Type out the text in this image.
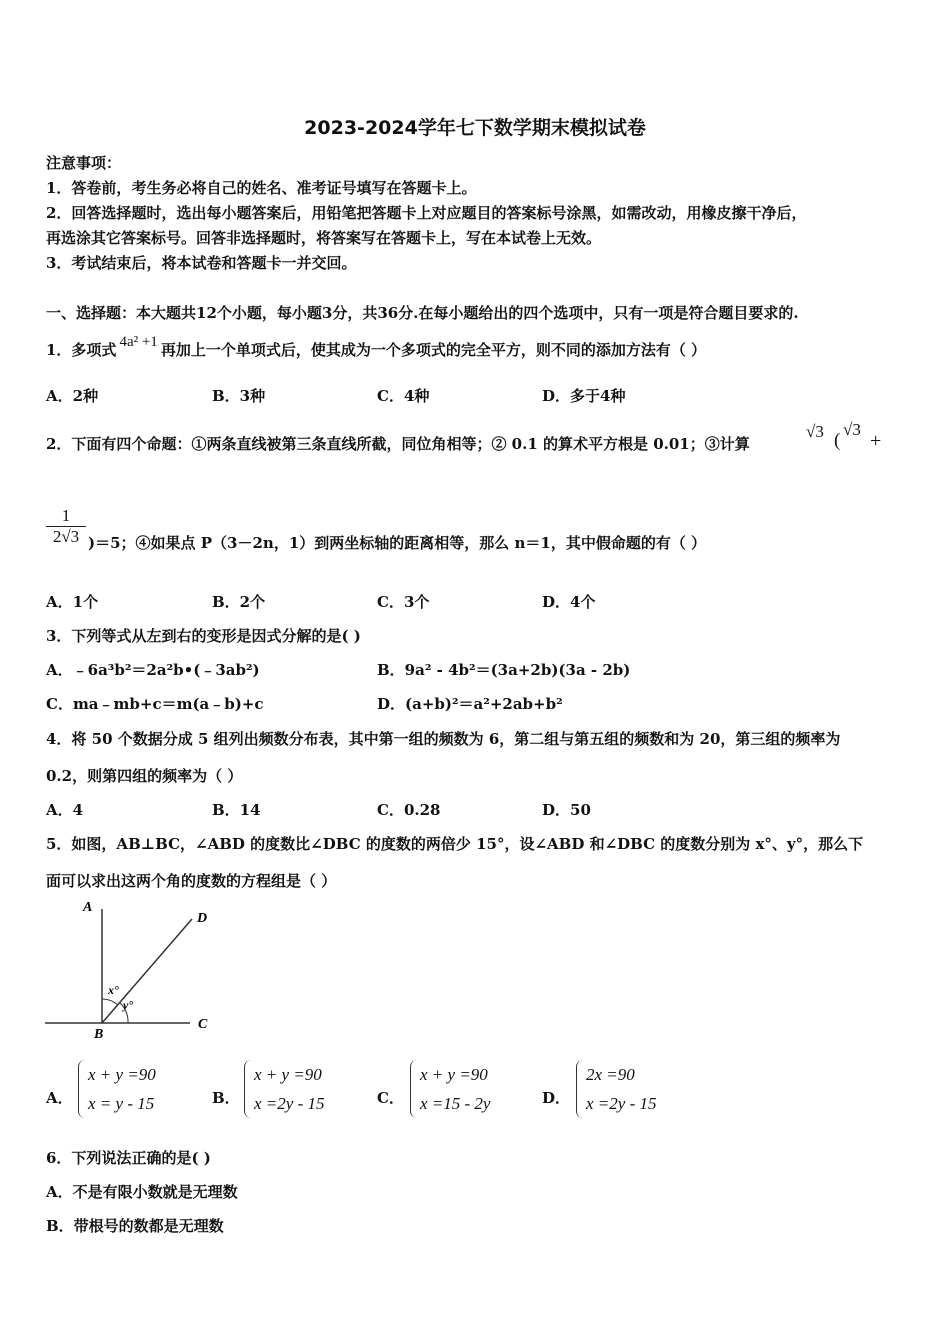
2023-2024学年七下数学期末模拟试卷
注意事项：
1．答卷前，考生务必将自己的姓名、准考证号填写在答题卡上。
2．回答选择题时，选出每小题答案后，用铅笔把答题卡上对应题目的答案标号涂黑，如需改动，用橡皮擦干净后，
再选涂其它答案标号。回答非选择题时，将答案写在答题卡上，写在本试卷上无效。
3．考试结束后，将本试卷和答题卡一并交回。
一、选择题：本大题共12个小题，每小题3分，共36分.在每小题给出的四个选项中，只有一项是符合题目要求的.
1．多项式 4a² +1 再加上一个单项式后，使其成为一个多项式的完全平方，则不同的添加方法有（ ）
A．2种	B．3种	C．4种	D．多于4种
2．下面有四个命题：①两条直线被第三条直线所截，同位角相等；② 0.1 的算术平方根是 0.01；③计算
√3 (
√3
+
$\frac{1}{2√3} )=5$；④如果点 P（3－2n，1）到两坐标轴的距离相等，那么 n＝1，其中假命题的有（ ）
A．1个	B．2个	C．3个	D．4个
3．下列等式从左到右的变形是因式分解的是( )
A．﹣6a³b²＝2a²b•(﹣3ab²)	B．9a² - 4b²＝(3a+2b)(3a - 2b)
C．ma﹣mb+c＝m(a﹣b)+c	D．(a+b)²＝a²+2ab+b²
4．将 50 个数据分成 5 组列出频数分布表，其中第一组的频数为 6，第二组与第五组的频数和为 20，第三组的频率为
0.2，则第四组的频率为（ ）
A．4	B．14	C．0.28	D．50
5．如图，AB⊥BC，∠ABD 的度数比∠DBC 的度数的两倍少 15°，设∠ABD 和∠DBC 的度数分别为 x°、y°，那么下
面可以求出这两个角的度数的方程组是（ ）
A
B
C
D
x°
y°
A．
x + y =90
x = y - 15	B．
x + y =90
x =2y - 15	C．
x + y =90
x =15 - 2y	D．
2x =90
x =2y - 15
6．下列说法正确的是( )
A．不是有限小数就是无理数
B．带根号的数都是无理数
